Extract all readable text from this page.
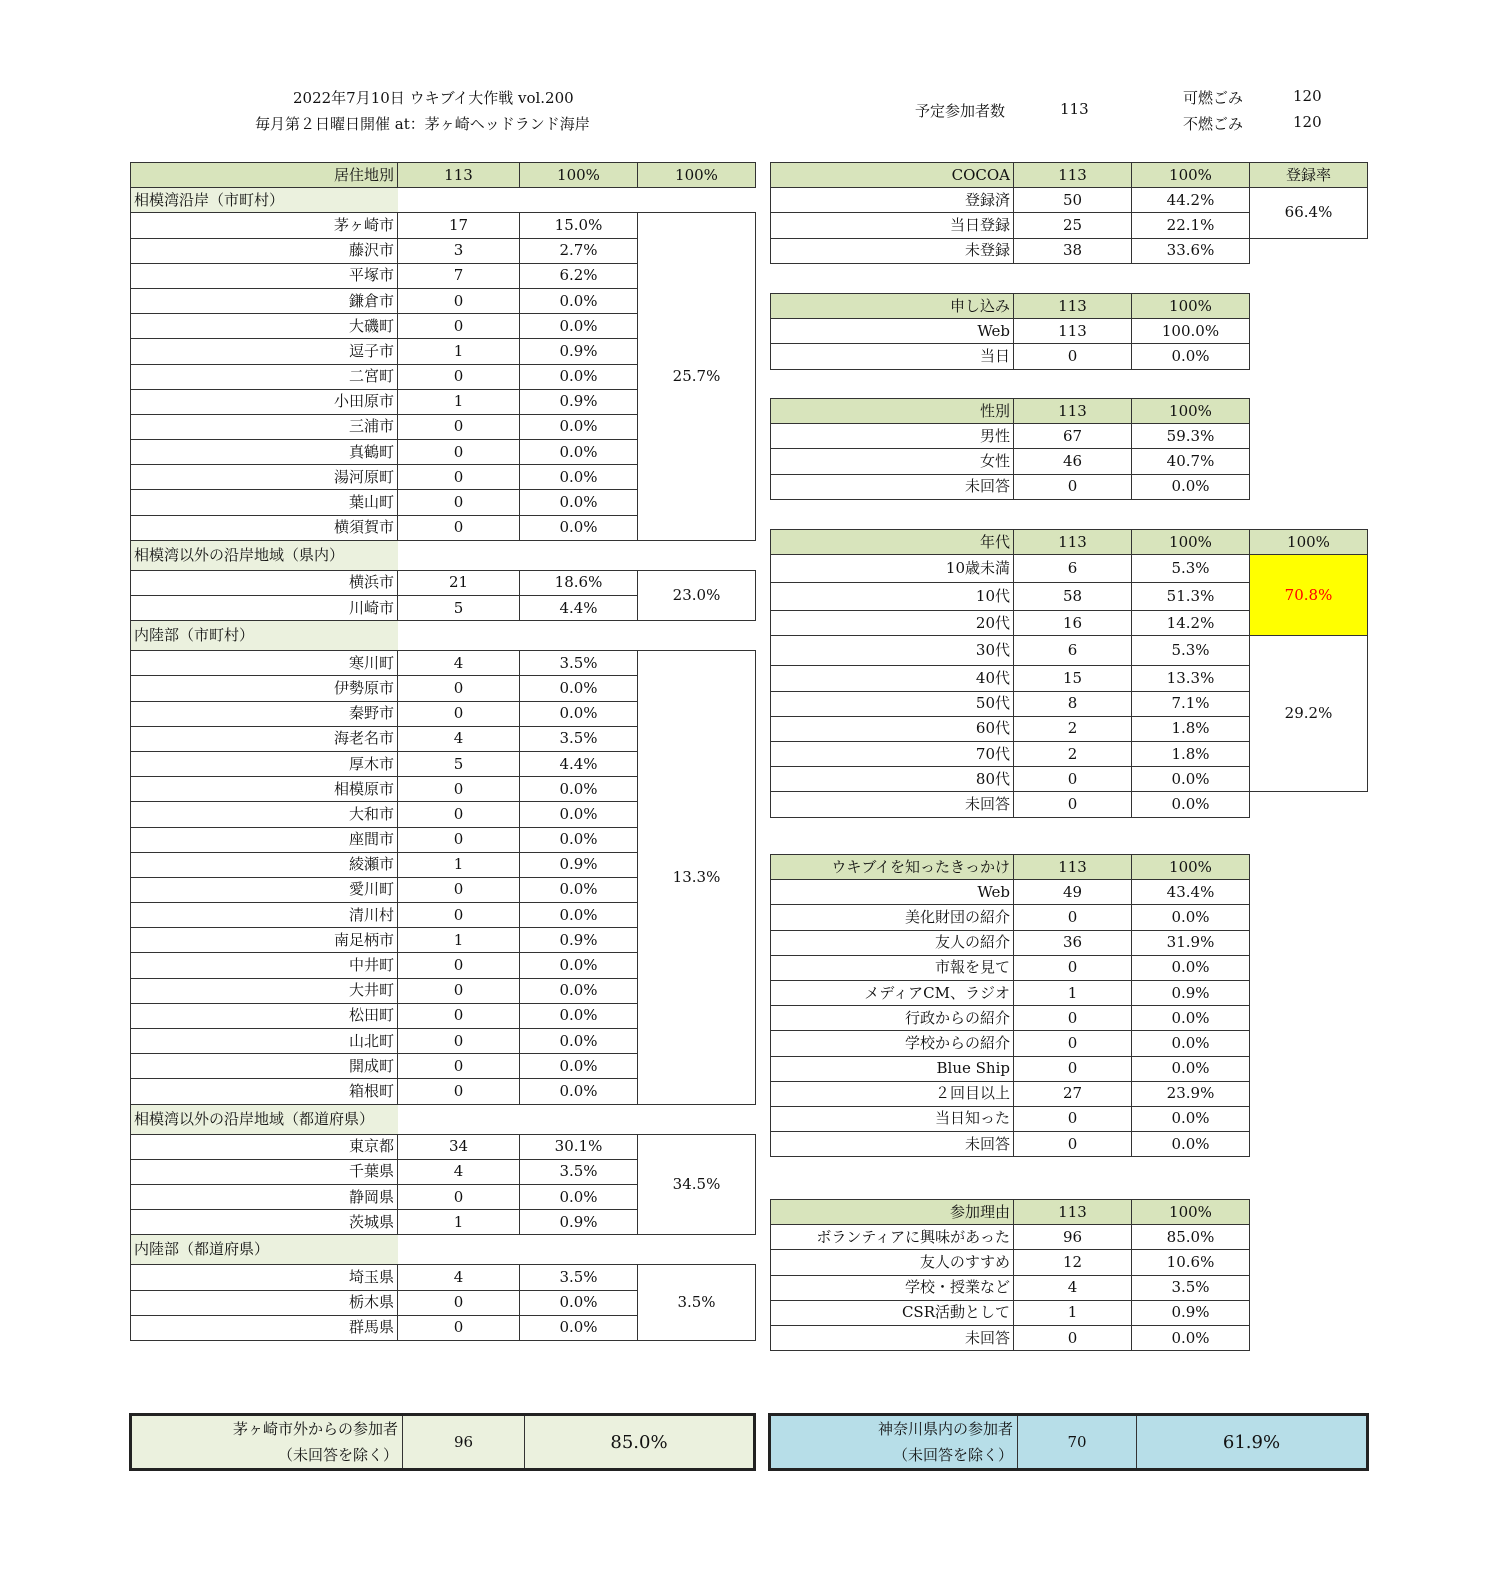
2022年7月10日 ウキブイ大作戦 vol.200
毎月第２日曜日開催 at：茅ヶ崎ヘッドランド海岸
予定参加者数	113
可燃ごみ	120
不燃ごみ	120
居住地別	113	100%	100%
相模湾沿岸（市町村）			
茅ヶ崎市	17	15.0%	25.7%
藤沢市	3	2.7%	
平塚市	7	6.2%	
鎌倉市	0	0.0%	
大磯町	0	0.0%	
逗子市	1	0.9%	
二宮町	0	0.0%	
小田原市	1	0.9%	
三浦市	0	0.0%	
真鶴町	0	0.0%	
湯河原町	0	0.0%	
葉山町	0	0.0%	
横須賀市	0	0.0%	
相模湾以外の沿岸地域（県内）			
横浜市	21	18.6%	23.0%
川崎市	5	4.4%	
内陸部（市町村）			
寒川町	4	3.5%	13.3%
伊勢原市	0	0.0%	
秦野市	0	0.0%	
海老名市	4	3.5%	
厚木市	5	4.4%	
相模原市	0	0.0%	
大和市	0	0.0%	
座間市	0	0.0%	
綾瀬市	1	0.9%	
愛川町	0	0.0%	
清川村	0	0.0%	
南足柄市	1	0.9%	
中井町	0	0.0%	
大井町	0	0.0%	
松田町	0	0.0%	
山北町	0	0.0%	
開成町	0	0.0%	
箱根町	0	0.0%	
相模湾以外の沿岸地域（都道府県）			
東京都	34	30.1%	34.5%
千葉県	4	3.5%	
静岡県	0	0.0%	
茨城県	1	0.9%	
内陸部（都道府県）			
埼玉県	4	3.5%	3.5%
栃木県	0	0.0%	
群馬県	0	0.0%	
COCOA	113	100%	登録率
登録済	50	44.2%	66.4%
当日登録	25	22.1%	
未登録	38	33.6%	
申し込み	113	100%
Web	113	100.0%
当日	0	0.0%
性別	113	100%
男性	67	59.3%
女性	46	40.7%
未回答	0	0.0%
年代	113	100%	100%
10歳未満	6	5.3%	70.8%
10代	58	51.3%	
20代	16	14.2%	
30代	6	5.3%	29.2%
40代	15	13.3%	
50代	8	7.1%	
60代	2	1.8%	
70代	2	1.8%	
80代	0	0.0%	
未回答	0	0.0%	
ウキブイを知ったきっかけ	113	100%
Web	49	43.4%
美化財団の紹介	0	0.0%
友人の紹介	36	31.9%
市報を見て	0	0.0%
メディアCM、ラジオ	1	0.9%
行政からの紹介	0	0.0%
学校からの紹介	0	0.0%
Blue Ship	0	0.0%
２回目以上	27	23.9%
当日知った	0	0.0%
未回答	0	0.0%
参加理由	113	100%
ボランティアに興味があった	96	85.0%
友人のすすめ	12	10.6%
学校・授業など	4	3.5%
CSR活動として	1	0.9%
未回答	0	0.0%
茅ヶ崎市外からの参加者
（未回答を除く）
96	85.0%
神奈川県内の参加者
（未回答を除く）
70	61.9%
